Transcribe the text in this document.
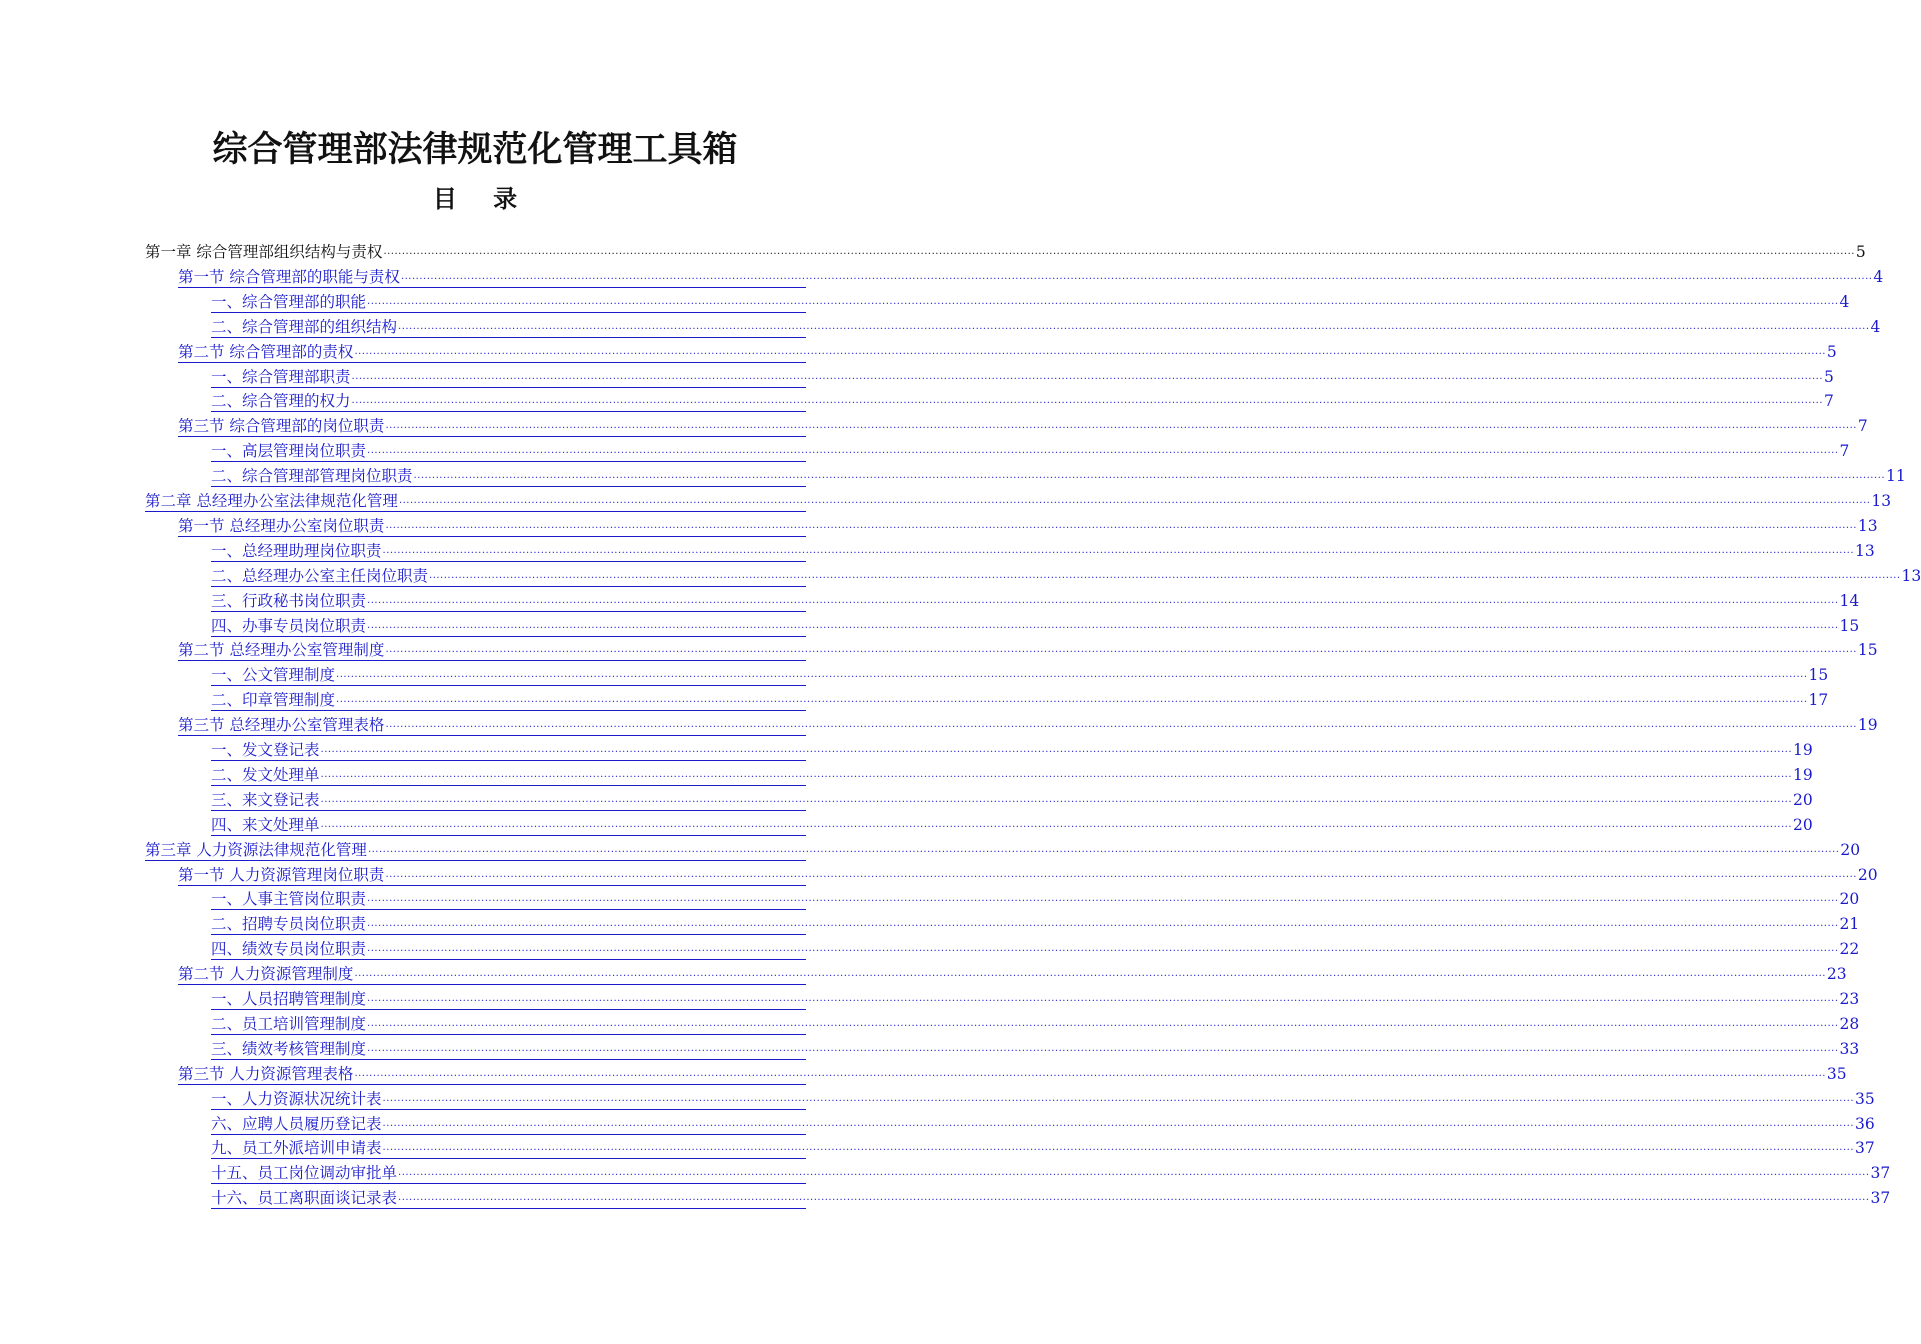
综合管理部法律规范化管理工具箱
目 录
第一章 综合管理部组织结构与责权 ................................................................................................................................................................................................................................................................................................................................................................................................................ 5
第一节 综合管理部的职能与责权 ................................................................................................................................................................................................................................................................................................................................................................................................................ 4
一、综合管理部的职能 ................................................................................................................................................................................................................................................................................................................................................................................................................ 4
二、综合管理部的组织结构 ................................................................................................................................................................................................................................................................................................................................................................................................................ 4
第二节 综合管理部的责权 ................................................................................................................................................................................................................................................................................................................................................................................................................ 5
一、综合管理部职责 ................................................................................................................................................................................................................................................................................................................................................................................................................ 5
二、综合管理的权力 ................................................................................................................................................................................................................................................................................................................................................................................................................ 7
第三节 综合管理部的岗位职责 ................................................................................................................................................................................................................................................................................................................................................................................................................ 7
一、高层管理岗位职责 ................................................................................................................................................................................................................................................................................................................................................................................................................ 7
二、综合管理部管理岗位职责 ................................................................................................................................................................................................................................................................................................................................................................................................................ 11
第二章 总经理办公室法律规范化管理 ................................................................................................................................................................................................................................................................................................................................................................................................................ 13
第一节 总经理办公室岗位职责 ................................................................................................................................................................................................................................................................................................................................................................................................................ 13
一、总经理助理岗位职责 ................................................................................................................................................................................................................................................................................................................................................................................................................ 13
二、总经理办公室主任岗位职责 ................................................................................................................................................................................................................................................................................................................................................................................................................ 13
三、行政秘书岗位职责 ................................................................................................................................................................................................................................................................................................................................................................................................................ 14
四、办事专员岗位职责 ................................................................................................................................................................................................................................................................................................................................................................................................................ 15
第二节 总经理办公室管理制度 ................................................................................................................................................................................................................................................................................................................................................................................................................ 15
一、公文管理制度 ................................................................................................................................................................................................................................................................................................................................................................................................................ 15
二、印章管理制度 ................................................................................................................................................................................................................................................................................................................................................................................................................ 17
第三节 总经理办公室管理表格 ................................................................................................................................................................................................................................................................................................................................................................................................................ 19
一、发文登记表 ................................................................................................................................................................................................................................................................................................................................................................................................................ 19
二、发文处理单 ................................................................................................................................................................................................................................................................................................................................................................................................................ 19
三、来文登记表 ................................................................................................................................................................................................................................................................................................................................................................................................................ 20
四、来文处理单 ................................................................................................................................................................................................................................................................................................................................................................................................................ 20
第三章 人力资源法律规范化管理 ................................................................................................................................................................................................................................................................................................................................................................................................................ 20
第一节 人力资源管理岗位职责 ................................................................................................................................................................................................................................................................................................................................................................................................................ 20
一、人事主管岗位职责 ................................................................................................................................................................................................................................................................................................................................................................................................................ 20
二、招聘专员岗位职责 ................................................................................................................................................................................................................................................................................................................................................................................................................ 21
四、绩效专员岗位职责 ................................................................................................................................................................................................................................................................................................................................................................................................................ 22
第二节 人力资源管理制度 ................................................................................................................................................................................................................................................................................................................................................................................................................ 23
一、人员招聘管理制度 ................................................................................................................................................................................................................................................................................................................................................................................................................ 23
二、员工培训管理制度 ................................................................................................................................................................................................................................................................................................................................................................................................................ 28
三、绩效考核管理制度 ................................................................................................................................................................................................................................................................................................................................................................................................................ 33
第三节 人力资源管理表格 ................................................................................................................................................................................................................................................................................................................................................................................................................ 35
一、人力资源状况统计表 ................................................................................................................................................................................................................................................................................................................................................................................................................ 35
六、应聘人员履历登记表 ................................................................................................................................................................................................................................................................................................................................................................................................................ 36
九、员工外派培训申请表 ................................................................................................................................................................................................................................................................................................................................................................................................................ 37
十五、员工岗位调动审批单 ................................................................................................................................................................................................................................................................................................................................................................................................................ 37
十六、员工离职面谈记录表 ................................................................................................................................................................................................................................................................................................................................................................................................................ 37
